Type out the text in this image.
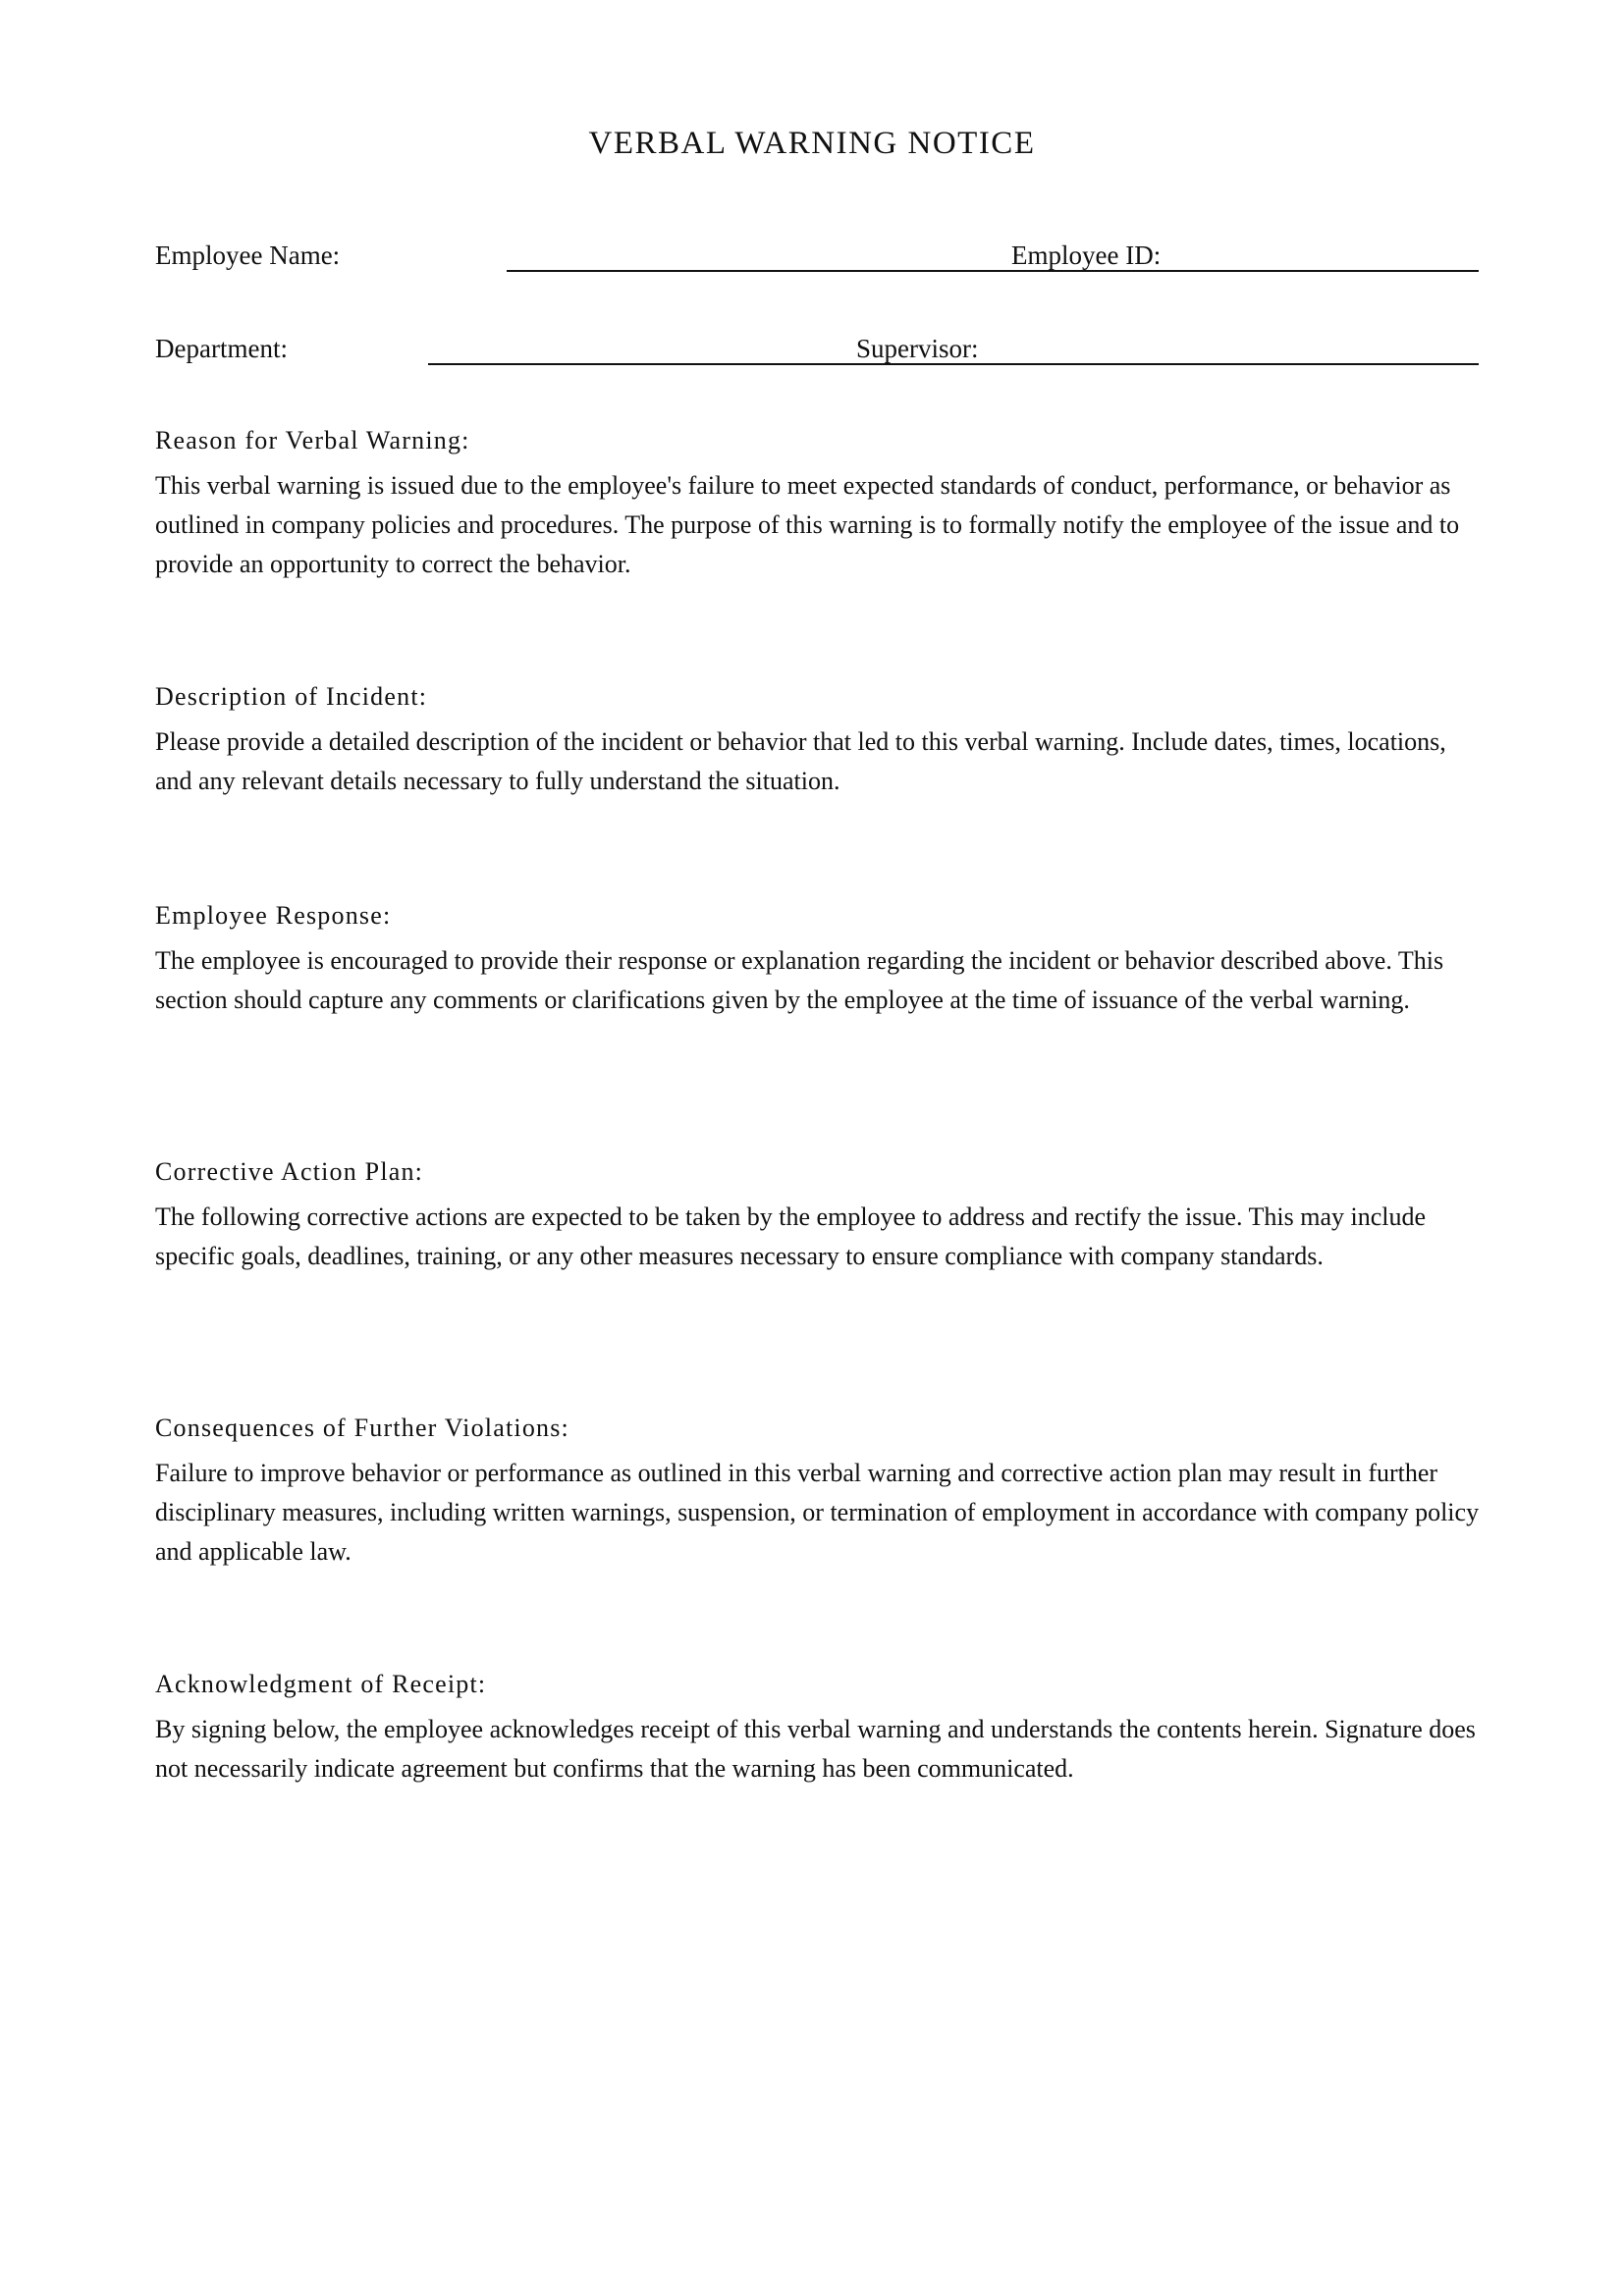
VERBAL WARNING NOTICE
Employee Name:	Employee ID:
Department:	Supervisor:

Reason for Verbal Warning:

This verbal warning is issued due to the employee's failure to meet expected standards of conduct, performance, or behavior as outlined in company policies and procedures. The purpose of this warning is to formally notify the employee of the issue and to provide an opportunity to correct the behavior.

Description of Incident:

Please provide a detailed description of the incident or behavior that led to this verbal warning. Include dates, times, locations, and any relevant details necessary to fully understand the situation.

Employee Response:

The employee is encouraged to provide their response or explanation regarding the incident or behavior described above. This section should capture any comments or clarifications given by the employee at the time of issuance of the verbal warning.

Corrective Action Plan:

The following corrective actions are expected to be taken by the employee to address and rectify the issue. This may include specific goals, deadlines, training, or any other measures necessary to ensure compliance with company standards.

Consequences of Further Violations:

Failure to improve behavior or performance as outlined in this verbal warning and corrective action plan may result in further disciplinary measures, including written warnings, suspension, or termination of employment in accordance with company policy and applicable law.

Acknowledgment of Receipt:

By signing below, the employee acknowledges receipt of this verbal warning and understands the contents herein. Signature does not necessarily indicate agreement but confirms that the warning has been communicated.
